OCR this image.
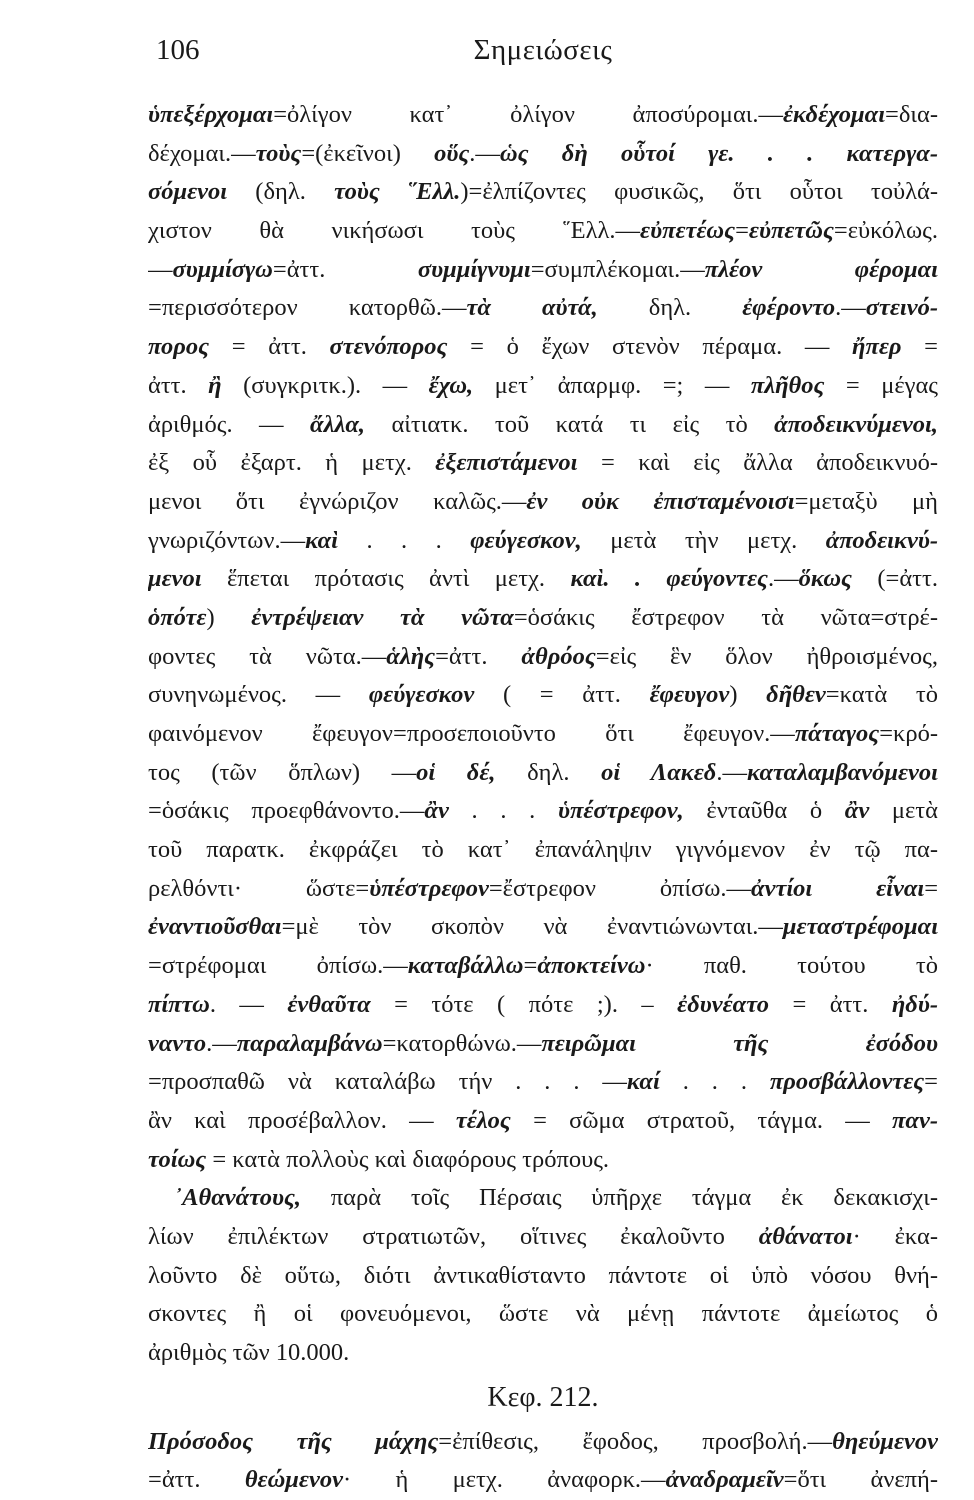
106	Σημειώσεις
ὑπεξέρχομαι=ὀλίγον κατ᾽ ὀλίγον ἀποσύρομαι.—ἐκδέχομαι=δια-
δέχομαι.—τοὺς=(ἐκεῖνοι) οὕς.—ὡς δὴ οὗτοί γε. . . κατεργα-
σόμενοι (δηλ. τοὺς ῞Ελλ.)=ἐλπίζοντες φυσικῶς, ὅτι οὗτοι τοὐλά-
χιστον θὰ νικήσωσι τοὺς ῞Ελλ.—εὐπετέως=εὐπετῶς=εὐκόλως.
—συμμίσγω=ἀττ. συμμίγνυμι=συμπλέκομαι.—πλέον φέρομαι
=περισσότερον κατορθῶ.—τὰ αὐτά, δηλ. ἐφέροντο.—στεινό-
πορος = ἀττ. στενόπορος = ὁ ἔχων στενὸν πέραμα. — ἤπερ =
ἀττ. ἢ (συγκριτκ.). — ἔχω, μετ᾽ ἀπαρμφ. =; — πλῆθος = μέγας
ἀριθμός. — ἄλλα, αἰτιατκ. τοῦ κατά τι εἰς τὸ ἀποδεικνύμενοι,
ἐξ οὗ ἐξαρτ. ἡ μετχ. ἐξεπιστάμενοι = καὶ εἰς ἄλλα ἀποδεικνυό-
μενοι ὅτι ἐγνώριζον καλῶς.—ἐν οὐκ ἐπισταμένοισι=μεταξὺ μὴ
γνωριζόντων.—καὶ . . . φεύγεσκον, μετὰ τὴν μετχ. ἀποδεικνύ-
μενοι ἕπεται πρότασις ἀντὶ μετχ. καὶ. . φεύγοντες.—ὅκως (=ἀττ.
ὁπότε) ἐντρέψειαν τὰ νῶτα=ὁσάκις ἔστρεφον τὰ νῶτα=στρέ-
φοντες τὰ νῶτα.—ἁλὴς=ἀττ. ἀθρόος=εἰς ἓν ὅλον ἠθροισμένος,
συνηνωμένος. — φεύγεσκον ( = ἀττ. ἔφευγον) δῆθεν=κατὰ τὸ
φαινόμενον ἔφευγον=προσεποιοῦντο ὅτι ἔφευγον.—πάταγος=κρό-
τος (τῶν ὅπλων) —οἱ δέ, δηλ. οἱ Λακεδ.—καταλαμβανόμενοι
=ὁσάκις προεφθάνοντο.—ἂν . . . ὑπέστρεφον, ἐνταῦθα ὁ ἂν μετὰ
τοῦ παρατκ. ἐκφράζει τὸ κατ᾽ ἐπανάληψιν γιγνόμενον ἐν τῷ πα-
ρελθόντι· ὥστε=ὑπέστρεφον=ἔστρεφον ὀπίσω.—ἀντίοι εἶναι=
ἐναντιοῦσθαι=μὲ τὸν σκοπὸν νὰ ἐναντιώνωνται.—μεταστρέφομαι
=στρέφομαι ὀπίσω.—καταβάλλω=ἀποκτείνω· παθ. τούτου τὸ
πίπτω. — ἐνθαῦτα = τότε ( πότε ;). – ἐδυνέατο = ἀττ. ἠδύ-
ναντο.—παραλαμβάνω=κατορθώνω.—πειρῶμαι τῆς ἐσόδου
=προσπαθῶ νὰ καταλάβω τήν . . . —καί . . . προσβάλλοντες=
ἂν καὶ προσέβαλλον. — τέλος = σῶμα στρατοῦ, τάγμα. — παν-
τοίως = κατὰ πολλοὺς καὶ διαφόρους τρόπους.
᾽Αθανάτους, παρὰ τοῖς Πέρσαις ὑπῆρχε τάγμα ἐκ δεκακισχι-
λίων ἐπιλέκτων στρατιωτῶν, οἵτινες ἐκαλοῦντο ἀθάνατοι· ἐκα-
λοῦντο δὲ οὕτω, διότι ἀντικαθίσταντο πάντοτε οἱ ὑπὸ νόσου θνή-
σκοντες ἢ οἱ φονευόμενοι, ὥστε νὰ μένῃ πάντοτε ἀμείωτος ὁ
ἀριθμὸς τῶν 10.000.
Κεφ. 212.
Πρόσοδος τῆς μάχης=ἐπίθεσις, ἔφοδος, προσβολή.—θηεύμενον
=ἀττ. θεώμενον· ἡ μετχ. ἀναφορκ.—ἀναδραμεῖν=ὅτι ἀνεπή-
